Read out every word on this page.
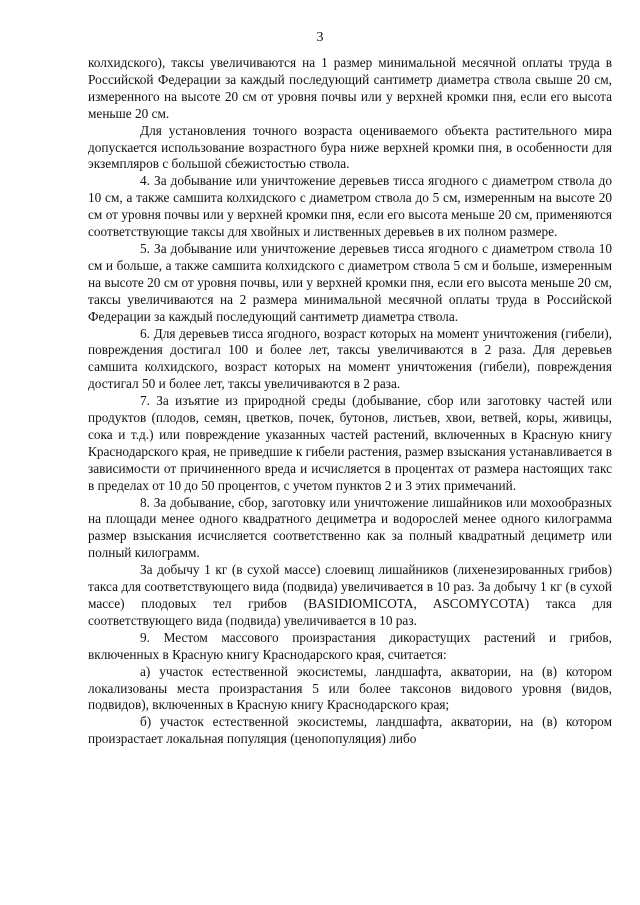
3

колхидского), таксы увеличиваются на 1 размер минимальной месячной оплаты труда в Российской Федерации за каждый последующий сантиметр диаметра ствола свыше 20 см, измеренного на высоте 20 см от уровня почвы или у верхней кромки пня, если его высота меньше 20 см.

Для установления точного возраста оцениваемого объекта растительного мира допускается использование возрастного бура ниже верхней кромки пня, в особенности для экземпляров с большой сбежистостью ствола.

4. За добывание или уничтожение деревьев тисса ягодного с диаметром ствола до 10 см, а также самшита колхидского с диаметром ствола до 5 см, измеренным на высоте 20 см от уровня почвы или у верхней кромки пня, если его высота меньше 20 см, применяются соответствующие таксы для хвойных и лиственных деревьев в их полном размере.

5. За добывание или уничтожение деревьев тисса ягодного с диаметром ствола 10 см и больше, а также самшита колхидского с диаметром ствола 5 см и больше, измеренным на высоте 20 см от уровня почвы, или у верхней кромки пня, если его высота меньше 20 см, таксы увеличиваются на 2 размера минимальной месячной оплаты труда в Российской Федерации за каждый последующий сантиметр диаметра ствола.

6. Для деревьев тисса ягодного, возраст которых на момент уничтожения (гибели), повреждения достигал 100 и более лет, таксы увеличиваются в 2 раза. Для деревьев самшита колхидского, возраст которых на момент уничтожения (гибели), повреждения достигал 50 и более лет, таксы увеличиваются в 2 раза.

7. За изъятие из природной среды (добывание, сбор или заготовку частей или продуктов (плодов, семян, цветков, почек, бутонов, листьев, хвои, ветвей, коры, живицы, сока и т.д.) или повреждение указанных частей растений, включенных в Красную книгу Краснодарского края, не приведшие к гибели растения, размер взыскания устанавливается в зависимости от причиненного вреда и исчисляется в процентах от размера настоящих такс в пределах от 10 до 50 процентов, с учетом пунктов 2 и 3 этих примечаний.

8. За добывание, сбор, заготовку или уничтожение лишайников или мохообразных на площади менее одного квадратного дециметра и водорослей менее одного килограмма размер взыскания исчисляется соответственно как за полный квадратный дециметр или полный килограмм.

За добычу 1 кг (в сухой массе) слоевищ лишайников (лихенезированных грибов) такса для соответствующего вида (подвида) увеличивается в 10 раз. За добычу 1 кг (в сухой массе) плодовых тел грибов (BASIDIOMICOTA, ASCOMYCOTA) такса для соответствующего вида (подвида) увеличивается в 10 раз.

9. Местом массового произрастания дикорастущих растений и грибов, включенных в Красную книгу Краснодарского края, считается:

а) участок естественной экосистемы, ландшафта, акватории, на (в) котором локализованы места произрастания 5 или более таксонов видового уровня (видов, подвидов), включенных в Красную книгу Краснодарского края;

б) участок естественной экосистемы, ландшафта, акватории, на (в) котором произрастает локальная популяция (ценопопуляция) либо
